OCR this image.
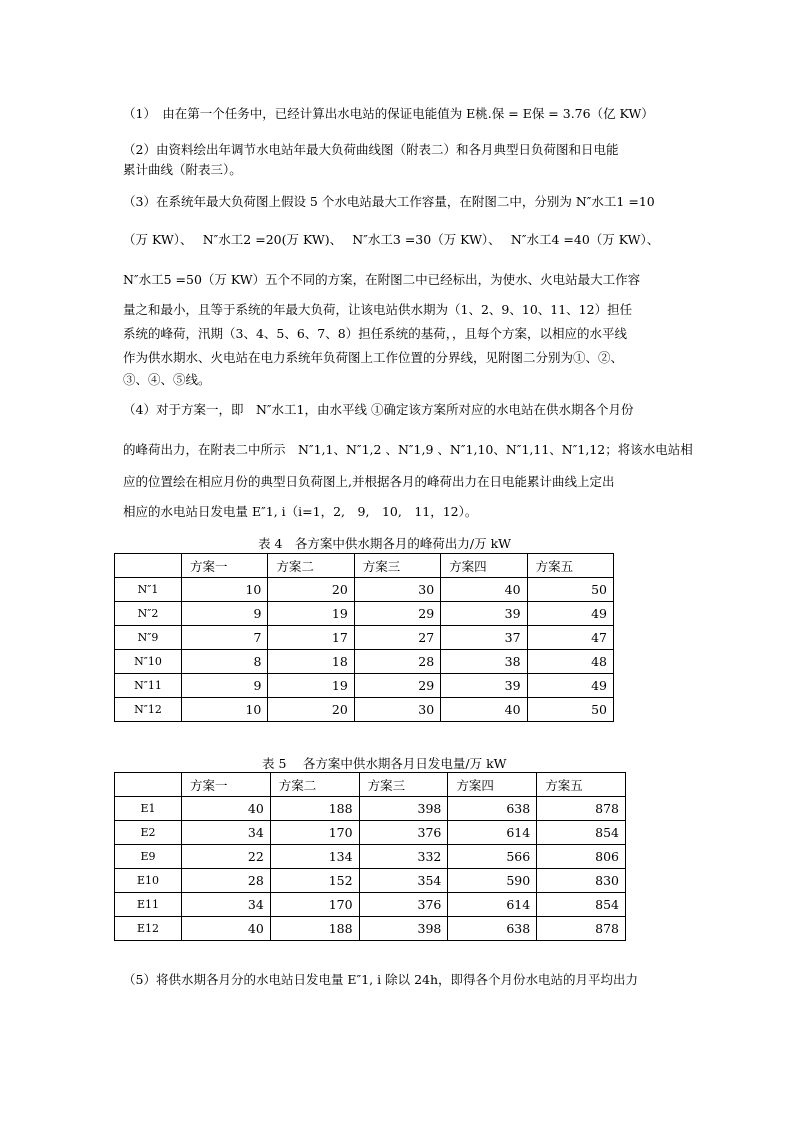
（1）　由在第一个任务中，已经计算出水电站的保证电能值为 E桃.保 = E保 = 3.76（亿 KW）

（2）由资料绘出年调节水电站年最大负荷曲线图（附表二）和各月典型日负荷图和日电能

累计曲线（附表三）。

（3）在系统年最大负荷图上假设 5 个水电站最大工作容量，在附图二中，分别为 N″水工1 =10

（万 KW）、　 N″水工2 =20(万 KW)、　 N″水工3 =30（万 KW）、　 N″水工4 =40（万 KW）、

N″水工5 =50（万 KW）五个不同的方案，在附图二中已经标出，为使水、火电站最大工作容

量之和最小，且等于系统的年最大负荷，让该电站供水期为（1、2、9、10、11、12）担任

系统的峰荷，汛期（3、4、5、6、7、8）担任系统的基荷，，且每个方案，以相应的水平线

作为供水期水、火电站在电力系统年负荷图上工作位置的分界线，见附图二分别为①、②、

③、④、⑤线。

（4）对于方案一，即　N″水工1，由水平线 ①确定该方案所对应的水电站在供水期各个月份

的峰荷出力，在附表二中所示　N″1,1、N″1,2 、N″1,9 、N″1,10、N″1,11、N″1,12；将该水电站相

应的位置绘在相应月份的典型日负荷图上,并根据各月的峰荷出力在日电能累计曲线上定出

相应的水电站日发电量 E″1, i（i=1，2,　9,　10,　11，12）。

表 4　各方案中供水期各月的峰荷出力/万 kW
	方案一	方案二	方案三	方案四	方案五
N″1	10	20	30	40	50
N″2	9	19	29	39	49
N″9	7	17	27	37	47
N″10	8	18	28	38	48
N″11	9	19	29	39	49
N″12	10	20	30	40	50
表 5　 各方案中供水期各月日发电量/万 kW
	方案一	方案二	方案三	方案四	方案五
E1	40	188	398	638	878
E2	34	170	376	614	854
E9	22	134	332	566	806
E10	28	152	354	590	830
E11	34	170	376	614	854
E12	40	188	398	638	878

（5）将供水期各月分的水电站日发电量 E″1, i 除以 24h，即得各个月份水电站的月平均出力
